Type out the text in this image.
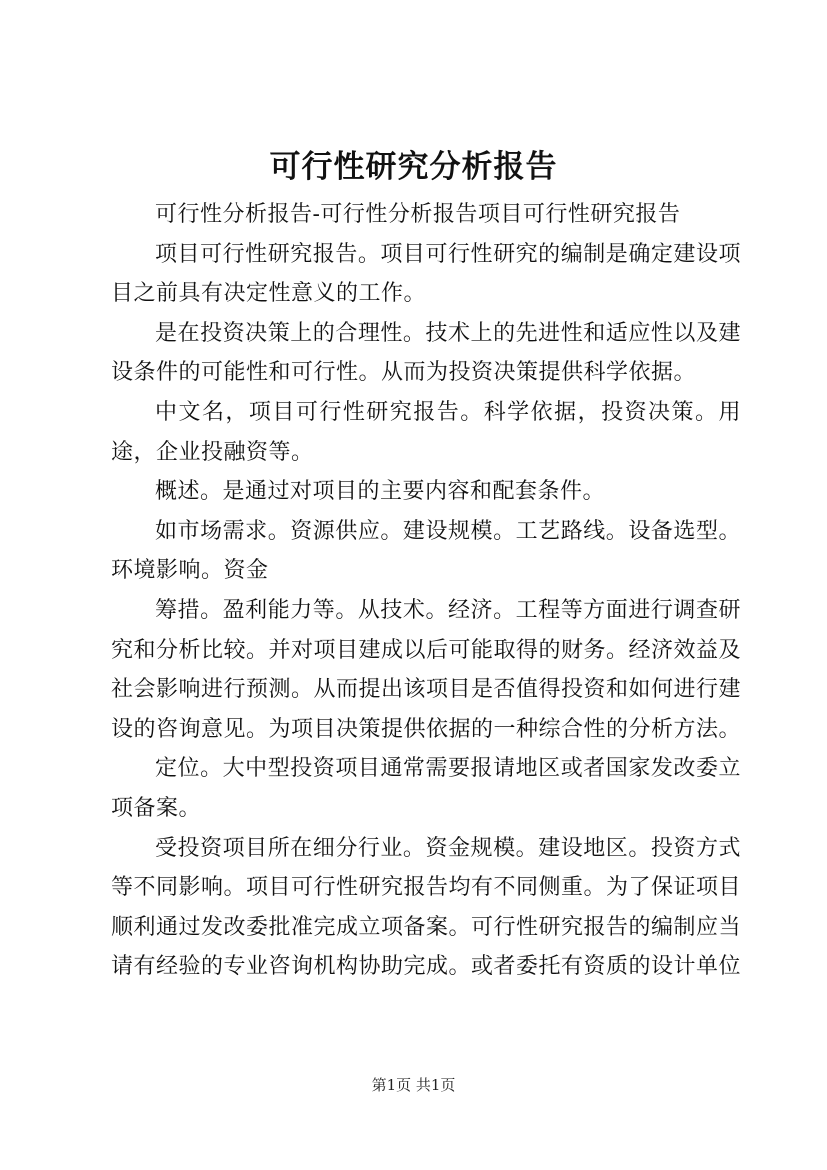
可行性研究分析报告

可行性分析报告-可行性分析报告项目可行性研究报告

项目可行性研究报告。项目可行性研究的编制是确定建设项目之前具有决定性意义的工作。

是在投资决策上的合理性。技术上的先进性和适应性以及建设条件的可能性和可行性。从而为投资决策提供科学依据。

中文名，项目可行性研究报告。科学依据，投资决策。用途，企业投融资等。

概述。是通过对项目的主要内容和配套条件。

如市场需求。资源供应。建设规模。工艺路线。设备选型。环境影响。资金

筹措。盈利能力等。从技术。经济。工程等方面进行调查研究和分析比较。并对项目建成以后可能取得的财务。经济效益及社会影响进行预测。从而提出该项目是否值得投资和如何进行建设的咨询意见。为项目决策提供依据的一种综合性的分析方法。

定位。大中型投资项目通常需要报请地区或者国家发改委立项备案。

受投资项目所在细分行业。资金规模。建设地区。投资方式等不同影响。项目可行性研究报告均有不同侧重。为了保证项目顺利通过发改委批准完成立项备案。可行性研究报告的编制应当请有经验的专业咨询机构协助完成。或者委托有资质的设计单位

第1页 共1页
